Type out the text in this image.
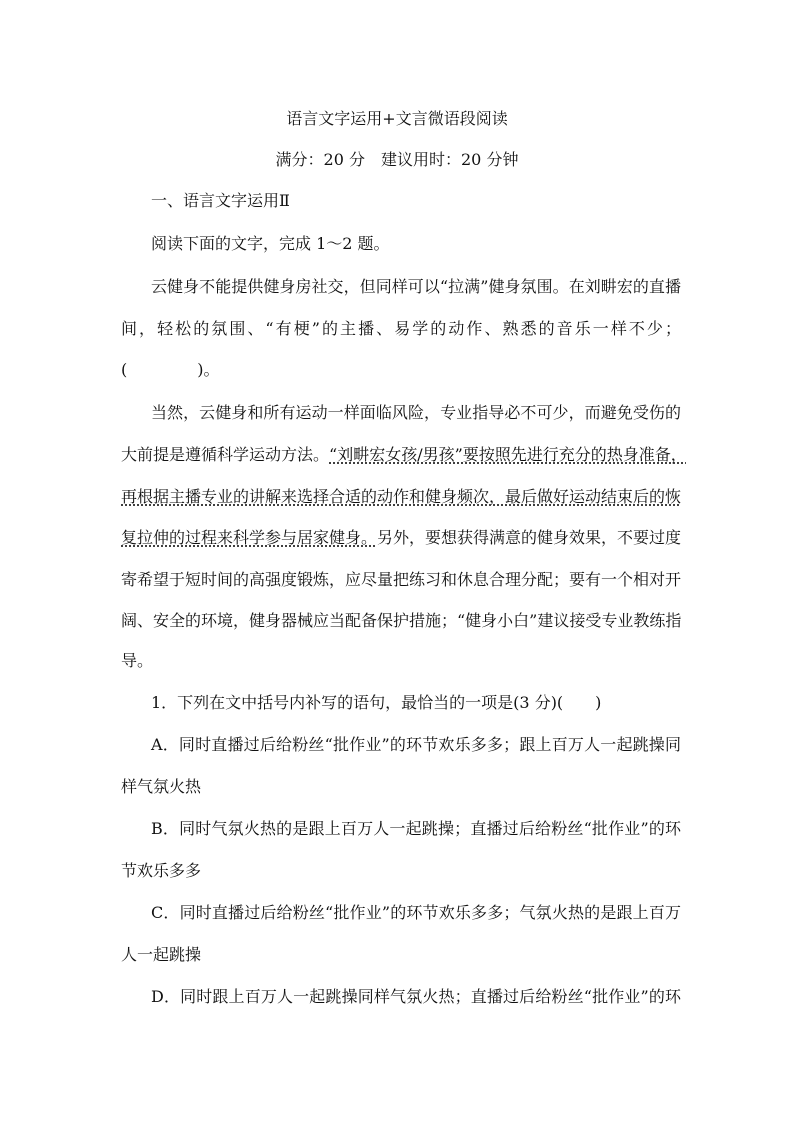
语言文字运用+文言微语段阅读
满分：20 分　建议用时：20 分钟
一、语言文字运用Ⅱ
阅读下面的文字，完成 1～2 题。
云健身不能提供健身房社交，但同样可以“拉满”健身氛围。在刘畊宏的直播
间，轻松的氛围、“有梗”的主播、易学的动作、熟悉的音乐一样不少；
(	)。
当然，云健身和所有运动一样面临风险，专业指导必不可少，而避免受伤的
大前提是遵循科学运动方法。“刘畊宏女孩/男孩”要按照先进行充分的热身准备，
再根据主播专业的讲解来选择合适的动作和健身频次，最后做好运动结束后的恢
复拉伸的过程来科学参与居家健身。另外，要想获得满意的健身效果，不要过度
寄希望于短时间的高强度锻炼，应尽量把练习和休息合理分配；要有一个相对开
阔、安全的环境，健身器械应当配备保护措施；“健身小白”建议接受专业教练指
导。
1．下列在文中括号内补写的语句，最恰当的一项是(3 分)(　　)
A．同时直播过后给粉丝“批作业”的环节欢乐多多；跟上百万人一起跳操同
样气氛火热
B．同时气氛火热的是跟上百万人一起跳操；直播过后给粉丝“批作业”的环
节欢乐多多
C．同时直播过后给粉丝“批作业”的环节欢乐多多；气氛火热的是跟上百万
人一起跳操
D．同时跟上百万人一起跳操同样气氛火热；直播过后给粉丝“批作业”的环
